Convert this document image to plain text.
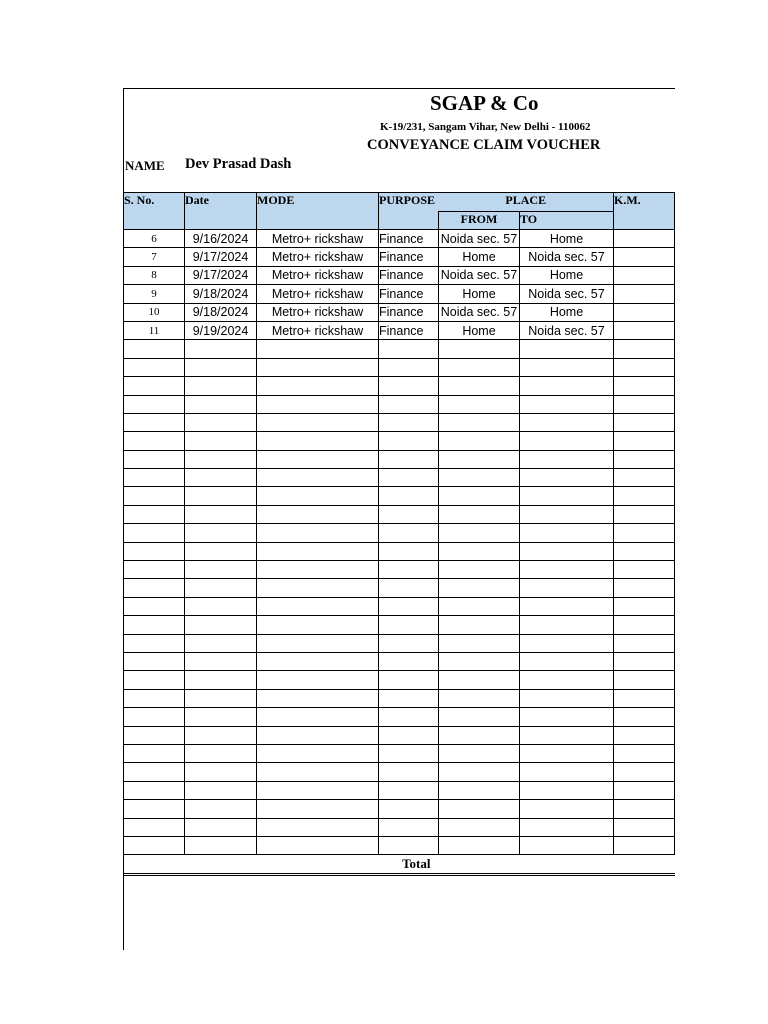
SGAP & Co
K-19/231, Sangam Vihar, New Delhi - 110062
CONVEYANCE CLAIM VOUCHER
NAME Dev Prasad Dash
S. No.	Date	MODE	PURPOSE	PLACE		K.M.
				FROM	TO	
6	9/16/2024	Metro+ rickshaw	Finance	Noida sec. 57	Home	
7	9/17/2024	Metro+ rickshaw	Finance	Home	Noida sec. 57	
8	9/17/2024	Metro+ rickshaw	Finance	Noida sec. 57	Home	
9	9/18/2024	Metro+ rickshaw	Finance	Home	Noida sec. 57	
10	9/18/2024	Metro+ rickshaw	Finance	Noida sec. 57	Home	
11	9/19/2024	Metro+ rickshaw	Finance	Home	Noida sec. 57	

Total						
